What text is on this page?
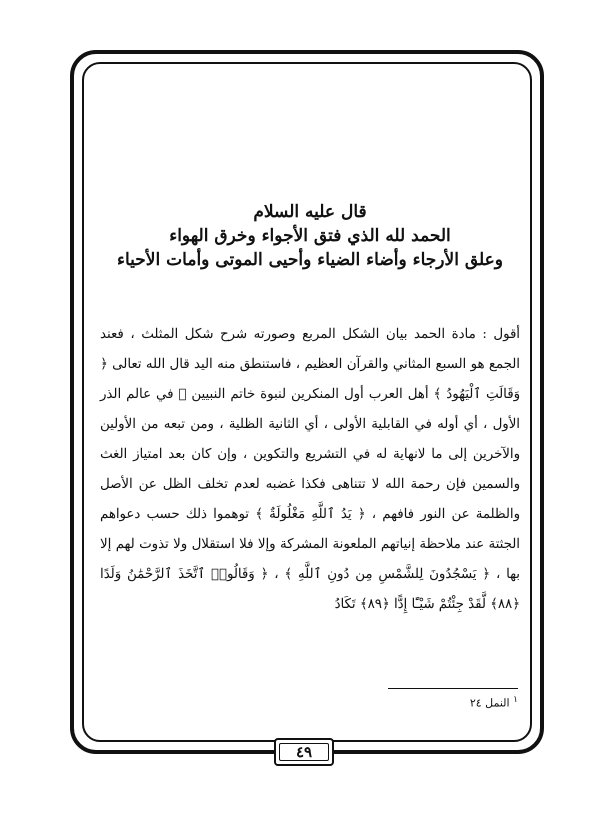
قال عليه السلام
الحمد لله الذي فتق الأجواء وخرق الهواء
وعلق الأرجاء وأضاء الضياء وأحيى الموتى وأمات الأحياء
أقول : مادة الحمد بيان الشكل المربع وصورته شرح شكل المثلث ، فعند الجمع هو السبع المثاني والقرآن العظيم ، فاستنطق منه اليد قال الله تعالى ﴿ وَقَالَتِ ٱلْيَهُودُ ﴾ أهل العرب أول المنكرين لنبوة خاتم النبيين ﷺ في عالم الذر الأول ، أي أوله في القابلية الأولى ، أي الثانية الظلية ، ومن تبعه من الأولين والآخرين إلى ما لانهاية له في التشريع والتكوين ، وإن كان بعد امتياز الغث والسمين فإن رحمة الله لا تتناهى فكذا غضبه لعدم تخلف الظل عن الأصل والظلمة عن النور فافهم ، ﴿ يَدُ ٱللَّهِ مَغْلُولَةٌ ﴾ توهموا ذلك حسب دعواهم الجثتة عند ملاحظة إنياتهم الملعونة المشركة وإلا فلا استقلال ولا تذوت لهم إلا بها ، ﴿ يَسْجُدُونَ لِلشَّمْسِ مِن دُونِ ٱللَّهِ ﴾ ، ﴿ وَقَالُوا۟ ٱتَّخَذَ ٱلرَّحْمَٰنُ وَلَدًا ﴿٨٨﴾ لَّقَدْ جِئْتُمْ شَيْـًٔا إِدًّا ﴿٨٩﴾ تَكَادُ
$^١$ النمل ٢٤
٤٩
